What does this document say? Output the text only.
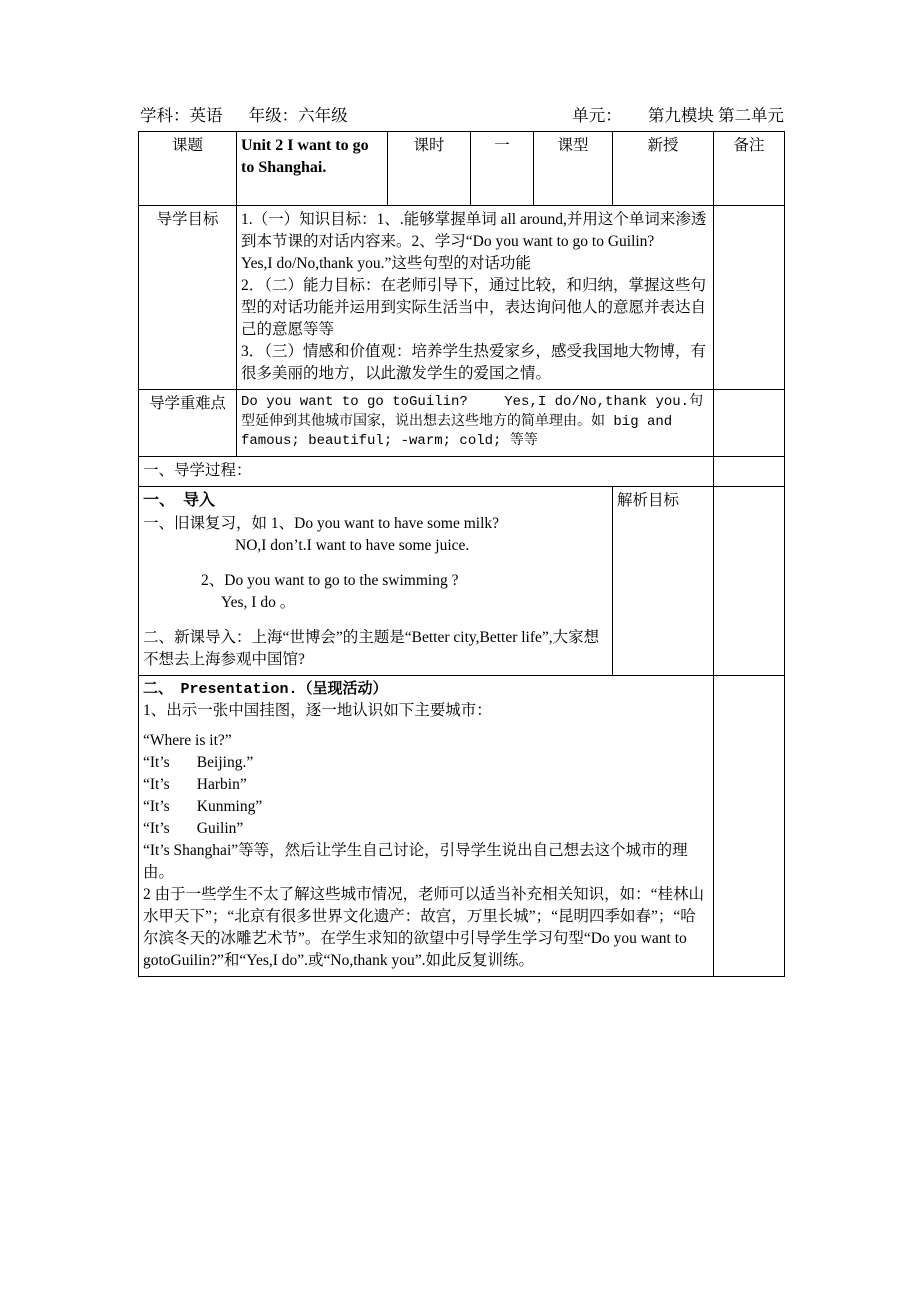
学科：英语 年级：六年级	单元： 第九模块 第二单元
课题	Unit 2 I want to go to Shanghai.	课时	一	课型	新授	备注
导学目标	1.（一）知识目标：1、.能够掌握单词 all around,并用这个单词来渗透到本节课的对话内容来。2、学习“Do you want to go to Guilin?　　Yes,I do/No,thank you.”这些句型的对话功能

2．（二）能力目标：在老师引导下，通过比较，和归纳，掌握这些句型的对话功能并运用到实际生活当中，表达询问他人的意愿并表达自己的意愿等等

3．（三）情感和价值观：培养学生热爱家乡，感受我国地大物博，有很多美丽的地方，以此激发学生的爱国之情。					

导学重难点	Do you want to go toGuilin?　　 Yes,I do/No,thank you.句型延伸到其他城市国家，说出想去这些地方的简单理由。如 big and famous; beautiful; -warm; cold; 等等					
一、导学过程：						

一、　导入

一、旧课复习，如 1、Do you want to have some milk?

NO,I don’t.I want to have some juice.

2、Do you want to go to the swimming ?

Yes, I do 。

二、新课导入：上海“世博会”的主题是“Better city,Better life”,大家想不想去上海参观中国馆?

	解析目标	

二、　Presentation.（呈现活动）

1、出示一张中国挂图，逐一地认识如下主要城市：

“Where is it?”

“It’s       Beijing.”

“It’s       Harbin”

“It’s       Kunming”

“It’s       Guilin”

“It’s Shanghai”等等，然后让学生自己讨论，引导学生说出自己想去这个城市的理由。

2 由于一些学生不太了解这些城市情况，老师可以适当补充相关知识，如：“桂林山水甲天下”；“北京有很多世界文化遗产：故宫，万里长城”；“昆明四季如春”；“哈尔滨冬天的冰雕艺术节”。在学生求知的欲望中引导学生学习句型“Do you want to gotoGuilin?”和“Yes,I do”.或“No,thank you”.如此反复训练。
